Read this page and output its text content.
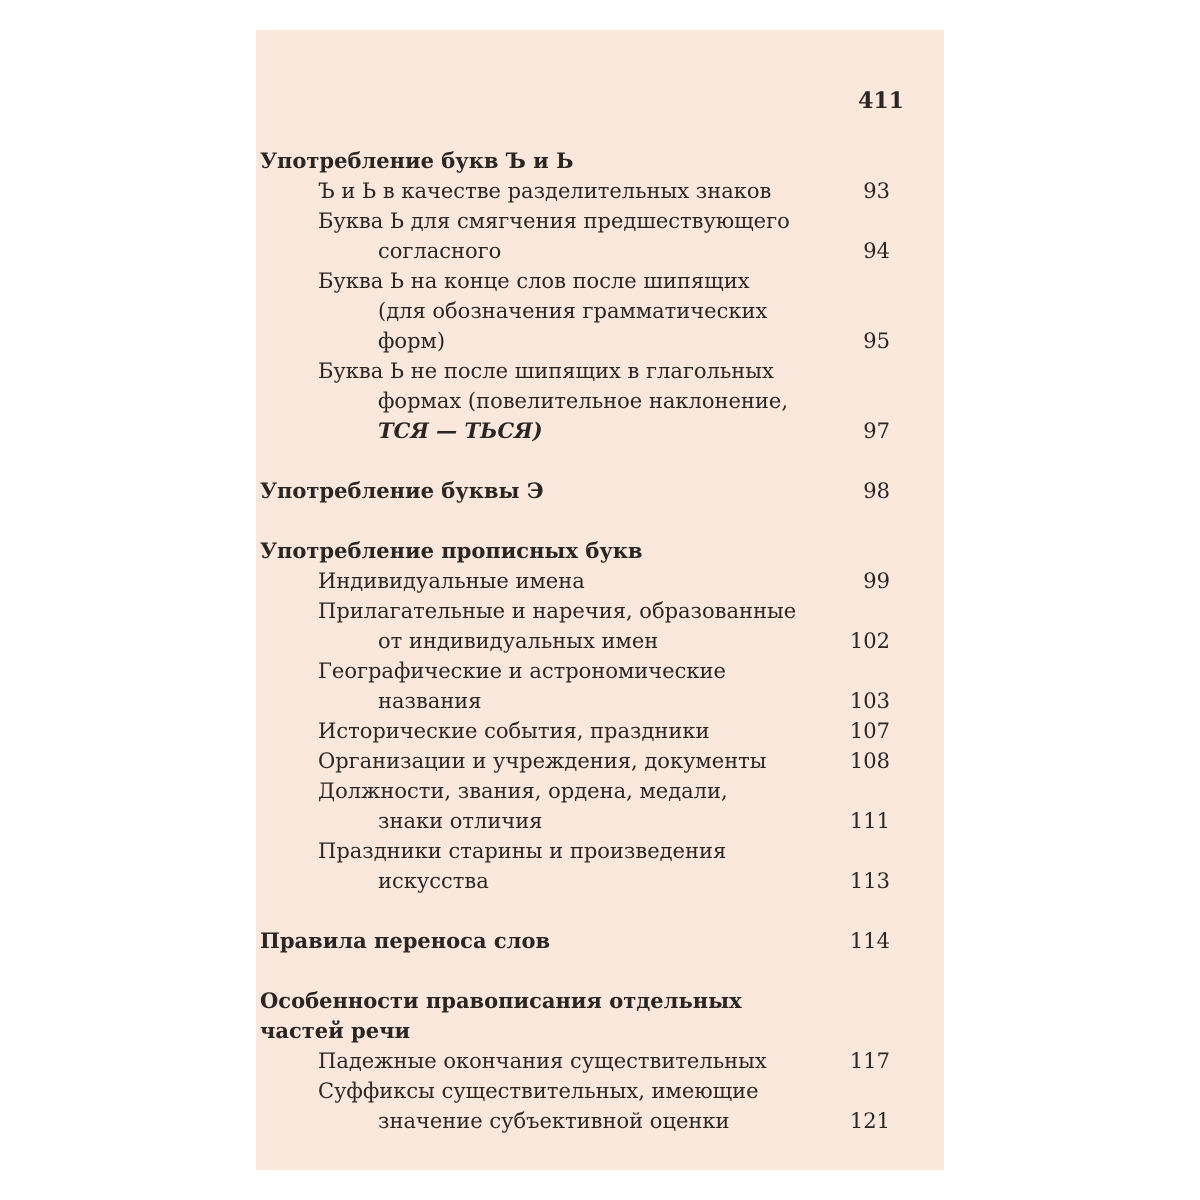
411
Употребление букв Ъ и Ь
Ъ и Ь в качестве разделительных знаков	93
Буква Ь для смягчения предшествующего
согласного	94
Буква Ь на конце слов после шипящих
(для обозначения грамматических
форм)	95
Буква Ь не после шипящих в глагольных
формах (повелительное наклонение,
ТСЯ — ТЬСЯ)	97
Употребление буквы Э	98
Употребление прописных букв
Индивидуальные имена	99
Прилагательные и наречия, образованные
от индивидуальных имен	102
Географические и астрономические
названия	103
Исторические события, праздники	107
Организации и учреждения, документы	108
Должности, звания, ордена, медали,
знаки отличия	111
Праздники старины и произведения
искусства	113
Правила переноса слов	114
Особенности правописания отдельных
частей речи
Падежные окончания существительных	117
Суффиксы существительных, имеющие
значение субъективной оценки	121
